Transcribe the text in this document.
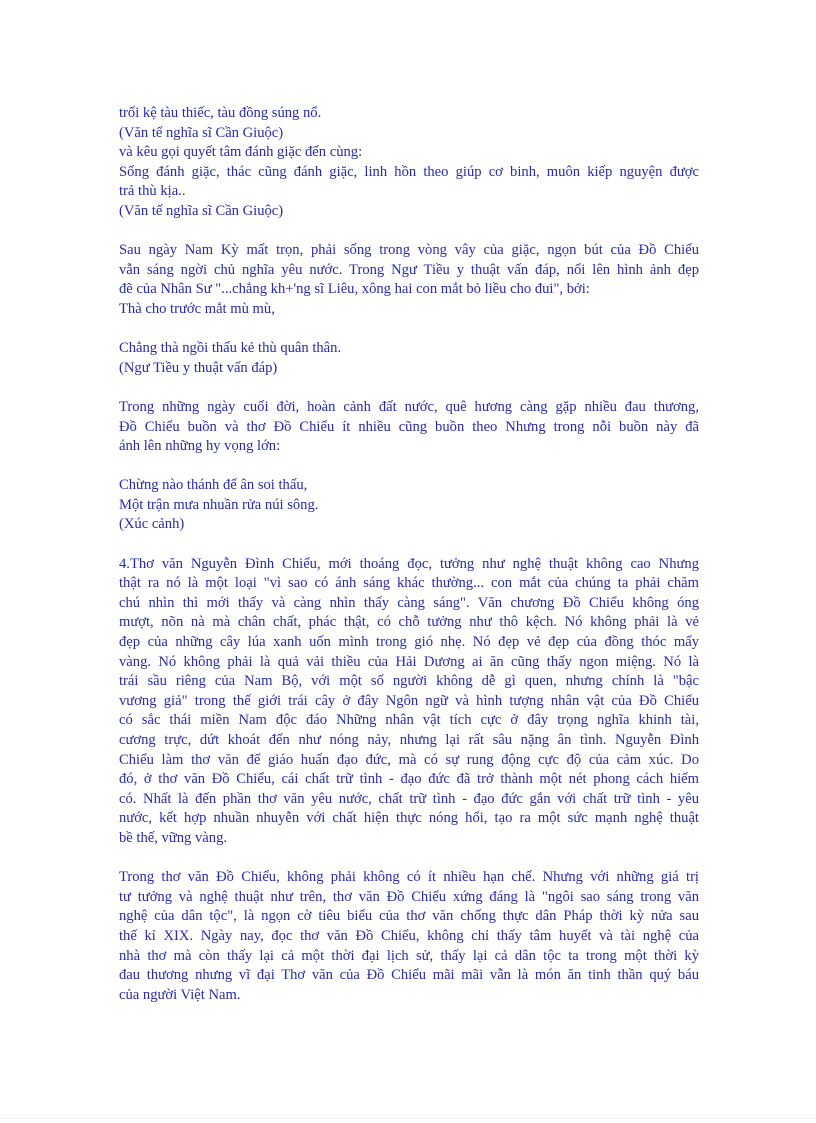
trối kệ tàu thiếc, tàu đồng súng nổ.
(Văn tế nghĩa sĩ Cần Giuộc)
và kêu gọi quyết tâm đánh giặc đến cùng:
Sống đánh giặc, thác cũng đánh giặc, linh hồn theo giúp cơ binh, muôn kiếp nguyện được
trả thù kịa..
(Văn tế nghĩa sĩ Cần Giuộc)
Sau ngày Nam Kỳ mất trọn, phải sống trong vòng vây của giặc, ngọn bút của Đồ Chiểu
vẫn sáng ngời chủ nghĩa yêu nước. Trong Ngư Tiều y thuật vấn đáp, nổi lên hình ảnh đẹp
đẽ của Nhân Sư "...chẳng kh+'ng sĩ Liêu, xông hai con mắt bỏ liều cho đui", bởi:
Thà cho trước mắt mù mù,
Chẳng thà ngồi thấu kẻ thù quân thân.
(Ngư Tiều y thuật vấn đáp)
Trong những ngày cuối đời, hoàn cảnh đất nước, quê hương càng gặp nhiều đau thương,
Đồ Chiểu buồn và thơ Đồ Chiểu ít nhiều cũng buồn theo Nhưng trong nỗi buồn này đã
ánh lên những hy vọng lớn:
Chừng nào thánh đế ân soi thấu,
Một trận mưa nhuần rửa núi sông.
(Xúc cảnh)
4.Thơ văn Nguyễn Đình Chiểu, mới thoáng đọc, tưởng như nghệ thuật không cao Nhưng
thật ra nó là một loại "vì sao có ánh sáng khác thường... con mắt của chúng ta phải chăm
chú nhìn thì mới thấy và càng nhìn thấy càng sáng". Văn chương Đồ Chiểu không óng
mượt, nõn nà mà chân chất, phác thật, có chỗ tưởng như thô kệch. Nó không phải là vẻ
đẹp của những cây lúa xanh uốn mình trong gió nhẹ. Nó đẹp vẻ đẹp của đồng thóc mẩy
vàng. Nó không phải là quả vải thiều của Hải Dương ai ăn cũng thấy ngon miệng. Nó là
trái sầu riêng của Nam Bộ, với một số người không dễ gì quen, nhưng chính là "bậc
vương giả" trong thế giới trái cây ở đây Ngôn ngữ và hình tượng nhân vật của Đồ Chiểu
có sắc thái miền Nam độc đáo Những nhân vật tích cực ở đây trọng nghĩa khinh tài,
cương trực, dứt khoát đến như nóng nảy, nhưng lại rất sâu nặng ân tình. Nguyễn Đình
Chiểu làm thơ văn để giáo huấn đạo đức, mà có sự rung động cực độ của cảm xúc. Do
đó, ở thơ văn Đồ Chiểu, cái chất trữ tình - đạo đức đã trở thành một nét phong cách hiếm
có. Nhất là đến phần thơ văn yêu nước, chất trữ tình - đạo đức gắn với chất trữ tình - yêu
nước, kết hợp nhuần nhuyễn với chất hiện thực nóng hổi, tạo ra một sức mạnh nghệ thuật
bề thế, vững vàng.
Trong thơ văn Đồ Chiểu, không phải không có ít nhiều hạn chế. Nhưng với những giá trị
tư tưởng và nghệ thuật như trên, thơ văn Đồ Chiểu xứng đáng là "ngôi sao sáng trong văn
nghệ của dân tộc", là ngọn cờ tiêu biểu của thơ văn chống thực dân Pháp thời kỳ nửa sau
thế kỉ XIX. Ngày nay, đọc thơ văn Đồ Chiểu, không chỉ thấy tâm huyết và tài nghệ của
nhà thơ mà còn thấy lại cả một thời đại lịch sử, thấy lại cả dân tộc ta trong một thời kỳ
đau thương nhưng vĩ đại Thơ văn của Đồ Chiểu mãi mãi vẫn là món ăn tinh thần quý báu
của người Việt Nam.
